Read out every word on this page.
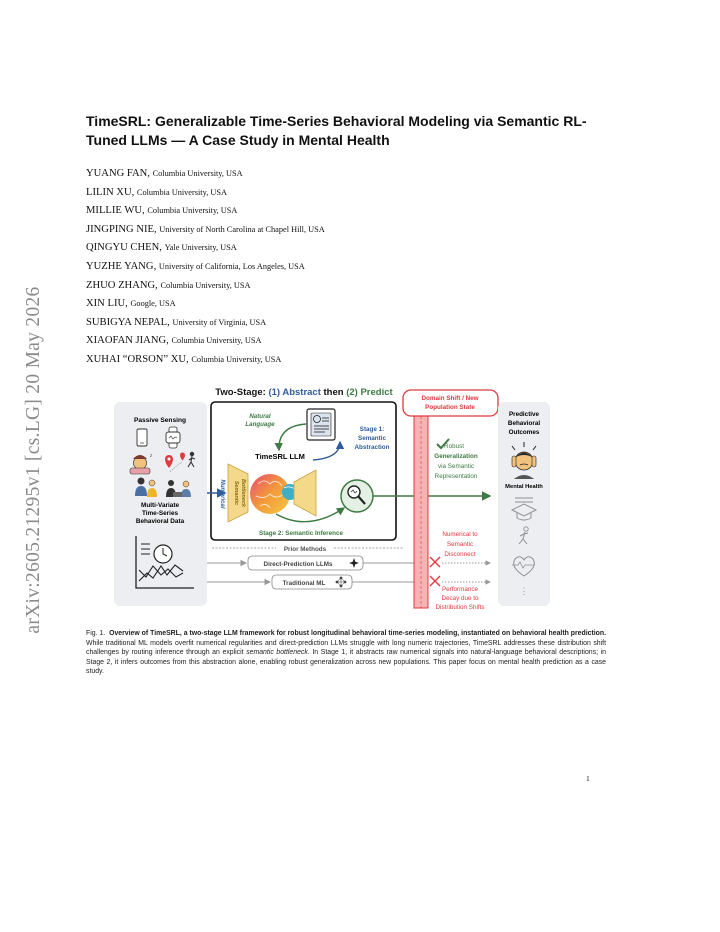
arXiv:2605.21295v1 [cs.LG] 20 May 2026
TimeSRL: Generalizable Time-Series Behavioral Modeling via Semantic RL-Tuned LLMs — A Case Study in Mental Health
YUANG FAN, Columbia University, USA
LILIN XU, Columbia University, USA
MILLIE WU, Columbia University, USA
JINGPING NIE, University of North Carolina at Chapel Hill, USA
QINGYU CHEN, Yale University, USA
YUZHE YANG, University of California, Los Angeles, USA
ZHUO ZHANG, Columbia University, USA
XIN LIU, Google, USA
SUBIGYA NEPAL, University of Virginia, USA
XIAOFAN JIANG, Columbia University, USA
XUHAI “ORSON” XU, Columbia University, USA
Two-Stage: (1) Abstract then (2) Predict
Passive Sensing
z
Multi-Variate
Time-Series
Behavioral Data
Natural
Language
Stage 1:
Semantic
Abstraction
TimeSRL LLM
Numerical Semantic Bottleneck
Stage 2: Semantic Inference
Prior Methods
Direct-Prediction LLMs
Traditional ML
Domain Shift / New
Population State
Robust
Generalization
via Semantic
Representation
Numerical to
Semantic
Disconnect
Performance
Decay due to
Distribution Shifts
Predictive
Behavioral
Outcomes
Mental Health
⋮
Fig. 1. Overview of TimeSRL, a two-stage LLM framework for robust longitudinal behavioral time-series modeling, instantiated on behavioral health prediction. While traditional ML models overfit numerical regularities and direct-prediction LLMs struggle with long numeric trajectories, TimeSRL addresses these distribution shift challenges by routing inference through an explicit semantic bottleneck. In Stage 1, it abstracts raw numerical signals into natural-language behavioral descriptions; in Stage 2, it infers outcomes from this abstraction alone, enabling robust generalization across new populations. This paper focus on mental health prediction as a case study.
1
